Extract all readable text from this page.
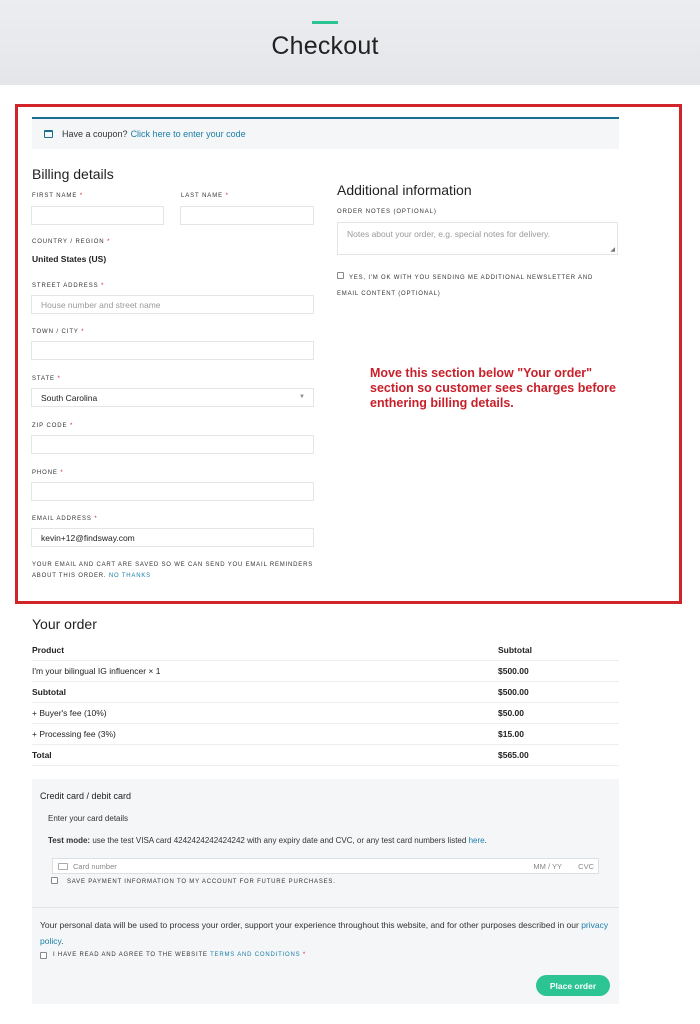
Checkout
Have a coupon? Click here to enter your code
Billing details
FIRST NAME *	LAST NAME *
COUNTRY / REGION *
United States (US)
STREET ADDRESS *
House number and street name
TOWN / CITY *
STATE *
South Carolina	▼
ZIP CODE *
PHONE *
EMAIL ADDRESS *
kevin+12@findsway.com
YOUR EMAIL AND CART ARE SAVED SO WE CAN SEND YOU EMAIL REMINDERS ABOUT THIS ORDER. NO THANKS
Additional information
ORDER NOTES (OPTIONAL)
Notes about your order, e.g. special notes for delivery.
◢
YES, I'M OK WITH YOU SENDING ME ADDITIONAL NEWSLETTER AND EMAIL CONTENT (OPTIONAL)
Move this section below "Your order" section so customer sees charges before enthering billing details.
Your order
Product	Subtotal
I'm your bilingual IG influencer × 1	$500.00
Subtotal	$500.00
+ Buyer's fee (10%)	$50.00
+ Processing fee (3%)	$15.00
Total	$565.00
Credit card / debit card
Enter your card details
Test mode: use the test VISA card 4242424242424242 with any expiry date and CVC, or any test card numbers listed here.
Card number	MM / YY CVC
SAVE PAYMENT INFORMATION TO MY ACCOUNT FOR FUTURE PURCHASES.
Your personal data will be used to process your order, support your experience throughout this website, and for other purposes described in our privacy policy.
I HAVE READ AND AGREE TO THE WEBSITE TERMS AND CONDITIONS *
Place order
